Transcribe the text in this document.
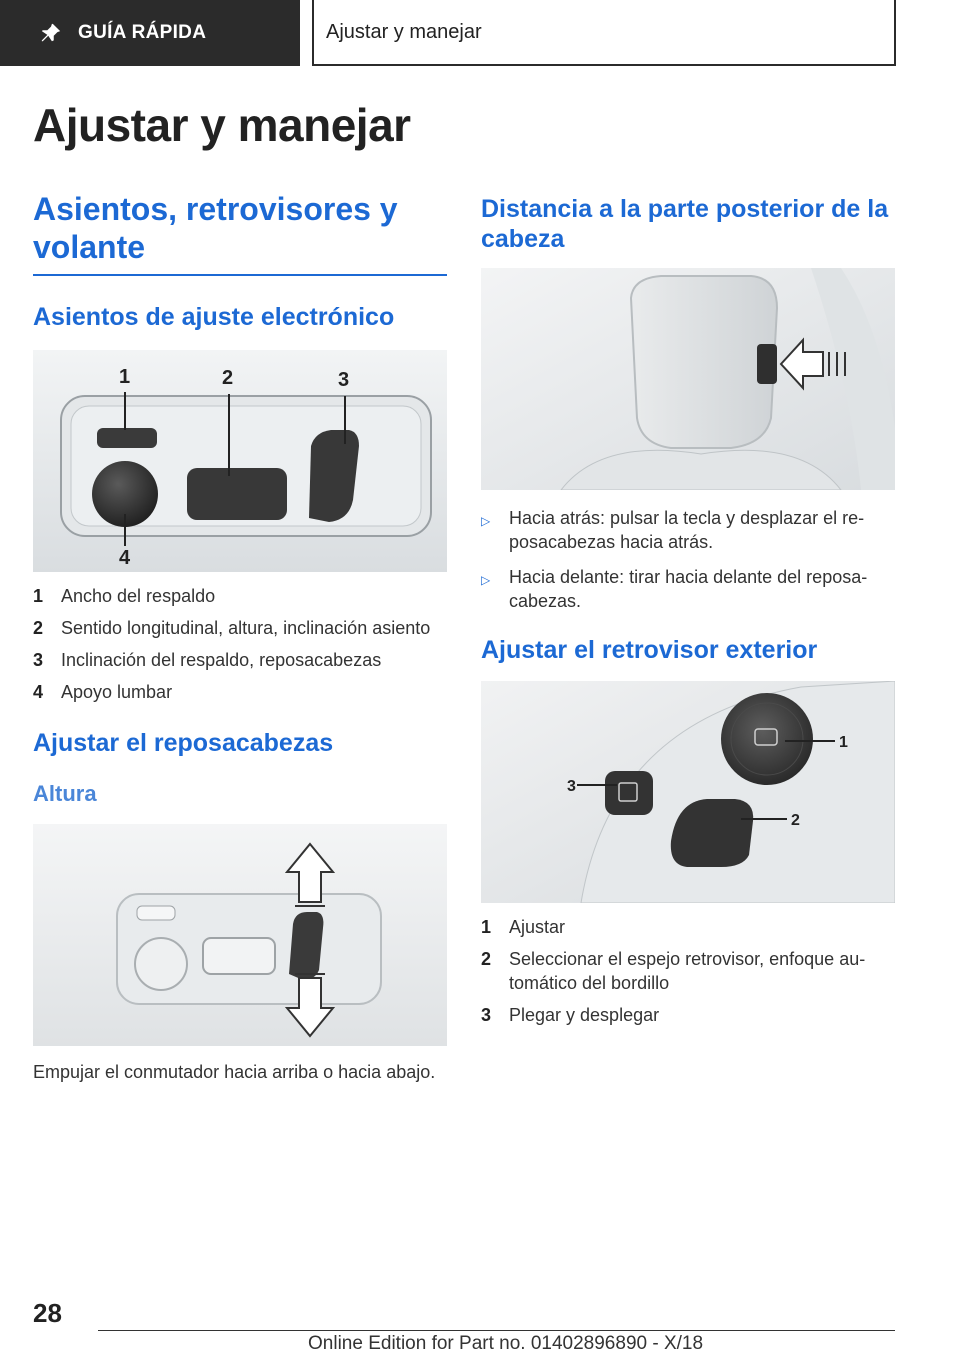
GUÍA RÁPIDA	Ajustar y manejar
Ajustar y manejar
Asientos, retrovisores y volante
Asientos de ajuste electrónico
1	2	3
4
1 Ancho del respaldo
2 Sentido longitudinal, altura, inclinación asiento
3 Inclinación del respaldo, reposacabezas
4 Apoyo lumbar
Ajustar el reposacabezas
Altura

Empujar el conmutador hacia arriba o hacia abajo.

Distancia a la parte posterior de la cabeza
▷	Hacia atrás: pulsar la tecla y desplazar el re‐posacabezas hacia atrás.
▷	Hacia delante: tirar hacia delante del reposa‐cabezas.
Ajustar el retrovisor exterior
1
2
3
1 Ajustar
2 Seleccionar el espejo retrovisor, enfoque au‐tomático del bordillo
3 Plegar y desplegar
28
Online Edition for Part no. 01402896890 - X/18
